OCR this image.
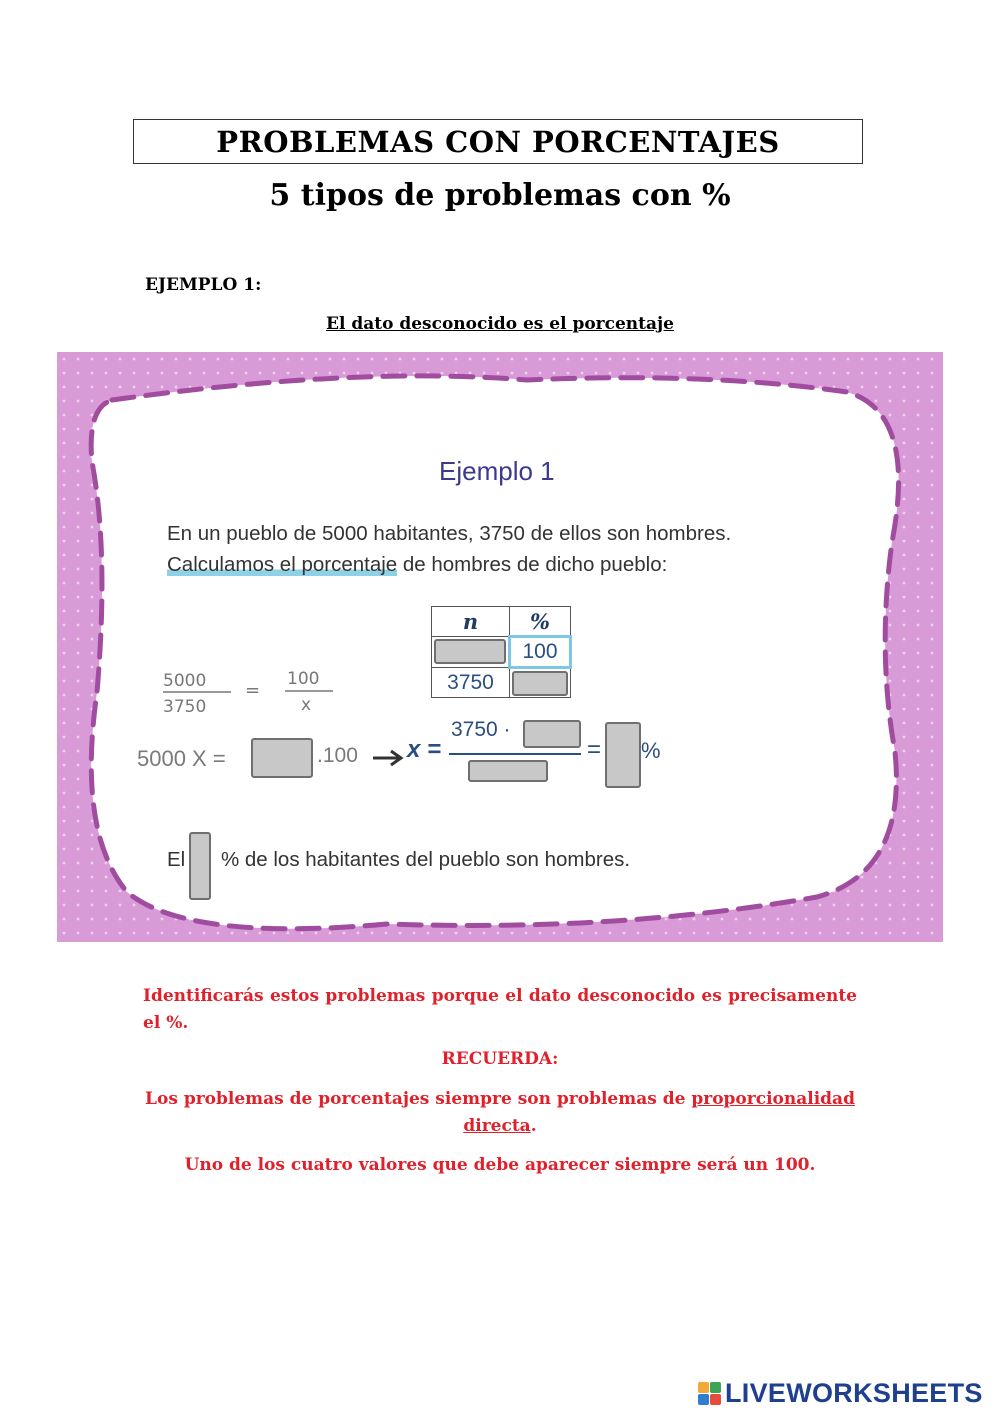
PROBLEMAS CON PORCENTAJES
5 tipos de problemas con %
EJEMPLO 1:
El dato desconocido es el porcentaje
Ejemplo 1
En un pueblo de 5000 habitantes, 3750 de ellos son hombres.
Calculamos el porcentaje de hombres de dicho pueblo:
n	%

	100
3750	
5000
3750
=
100
x
5000 X =	.100 x =
3750 ·
= %
El % de los habitantes del pueblo son hombres.
Identificarás estos problemas porque el dato desconocido es precisamente el %.
RECUERDA:
Los problemas de porcentajes siempre son problemas de proporcionalidad directa.
Uno de los cuatro valores que debe aparecer siempre será un 100.
LIVEWORKSHEETS
